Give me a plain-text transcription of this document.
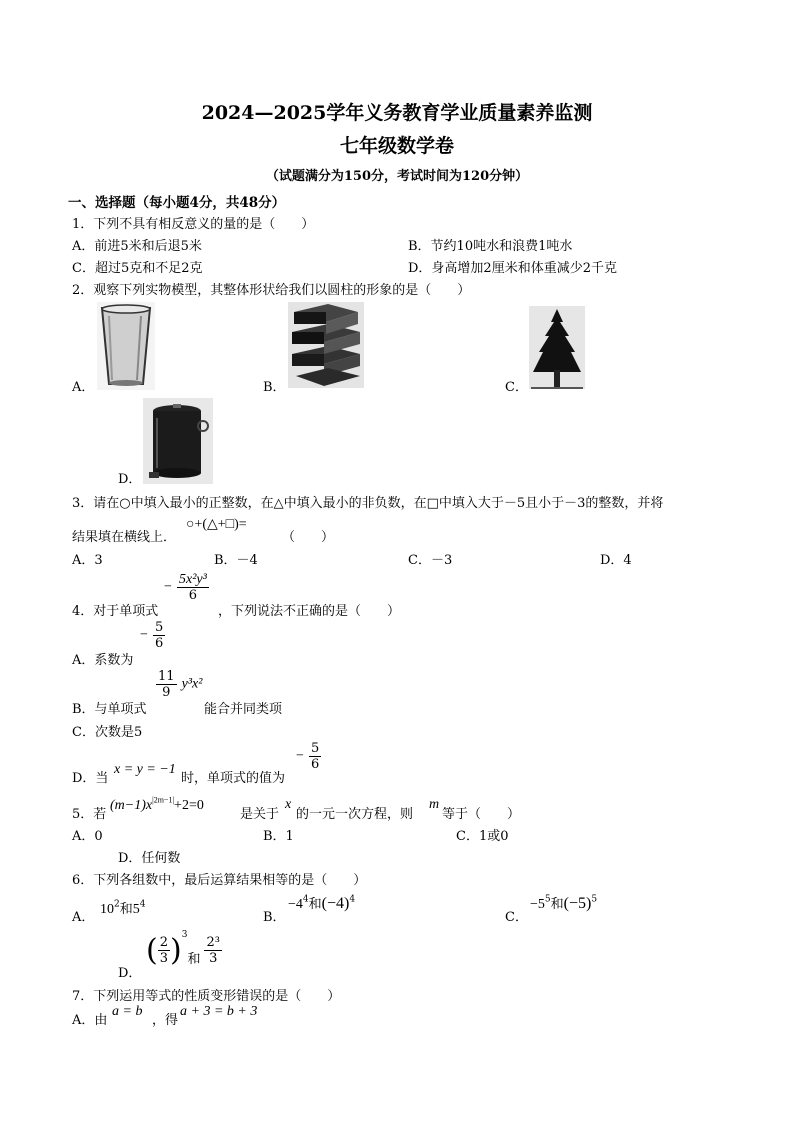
2024—2025学年义务教育学业质量素养监测
七年级数学卷
（试题满分为150分，考试时间为120分钟）
一、选择题（每小题4分，共48分）
1．下列不具有相反意义的量的是（　　）
A．前进5米和后退5米	B．节约10吨水和浪费1吨水
C．超过5克和不足2克	D．身高增加2厘米和体重减少2千克
2．观察下列实物模型，其整体形状给我们以圆柱的形象的是（　　）
A．	B．	C．
D．
3．请在○中填入最小的正整数，在△中填入最小的非负数，在□中填入大于－5且小于－3的整数，并将
结果填在横线上．
○+(△+□)=
（　　）
A．3	B．－4	C．－3	D．4
− $\frac{\text{5x²y³}}{6}$
4．对于单项式	，下列说法不正确的是（　　）
− $\frac{5}{6}$
A．系数为
B．与单项式
$\frac{11}{9} y^3x^2$
能合并同类项
C．次数是5
D．当
x = y = −1
时，单项式的值为
− $\frac{5}{6}$
5．若
$(m-1)x^{|2m-1|}+2=0$
是关于
x
的一元一次方程，则
m
等于（　　）
A．0	B．1	C．1或0
D．任何数
6．下列各组数中，最后运算结果相等的是（　　）
A．
$10^2$和$5^4$
B．
$-4^4$和$(-4)^4$
C．
$-5^5$和$(-5)^5$
D．
( $\frac{2}{3} )^3_和 \frac{\text{2³}}{3}$
7．下列运用等式的性质变形错误的是（　　）
A．由
a = b
，得
a + 3 = b + 3
